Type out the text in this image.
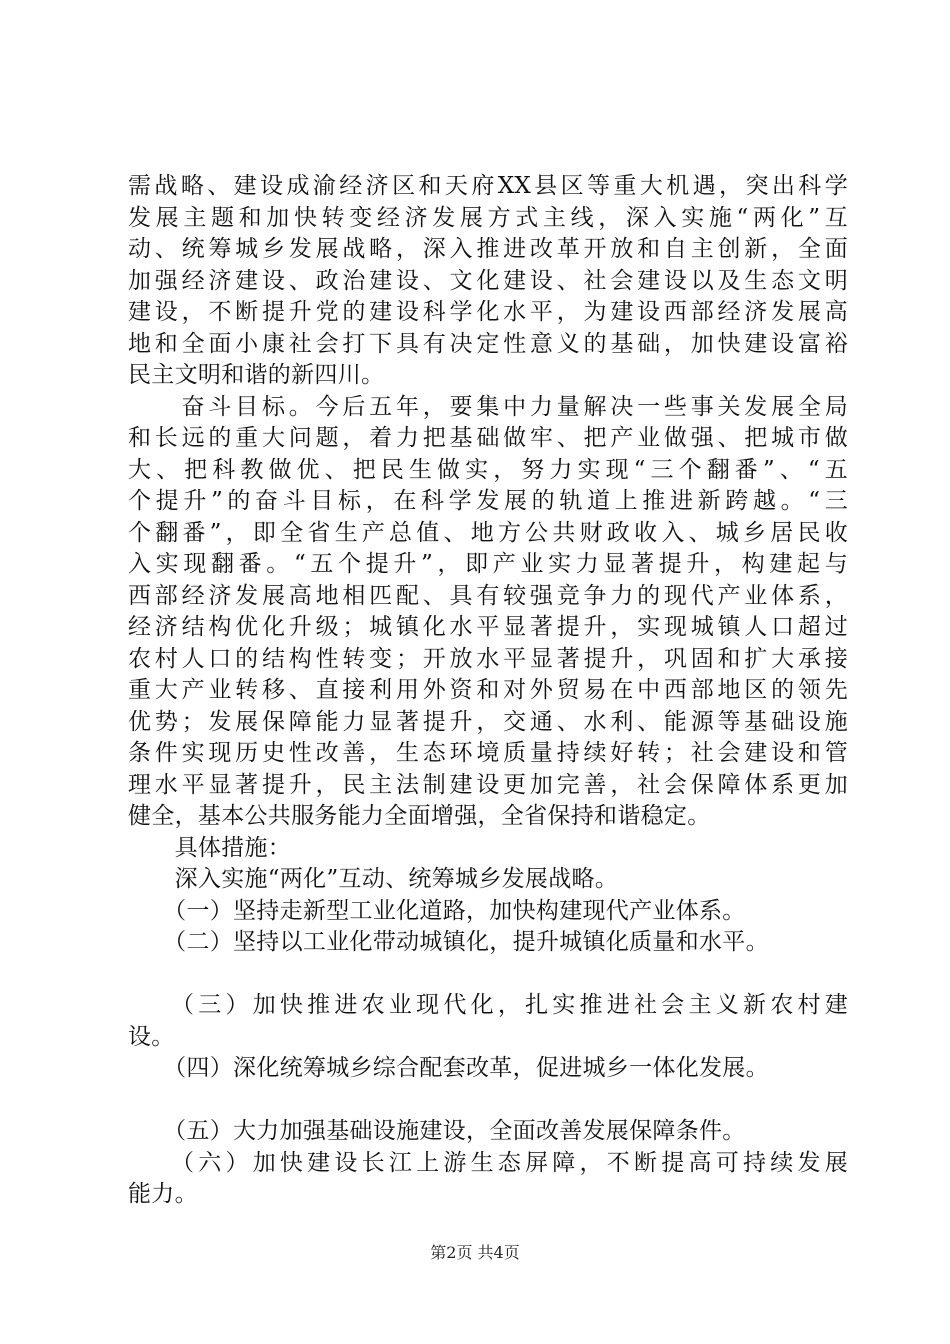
需战略、建设成渝经济区和天府XX县区等重大机遇，突出科学
发展主题和加快转变经济发展方式主线，深入实施“两化”互
动、统筹城乡发展战略，深入推进改革开放和自主创新，全面
加强经济建设、政治建设、文化建设、社会建设以及生态文明
建设，不断提升党的建设科学化水平，为建设西部经济发展高
地和全面小康社会打下具有决定性意义的基础，加快建设富裕
民主文明和谐的新四川。
　　奋斗目标。今后五年，要集中力量解决一些事关发展全局
和长远的重大问题，着力把基础做牢、把产业做强、把城市做
大、把科教做优、把民生做实，努力实现“三个翻番”、“五
个提升”的奋斗目标，在科学发展的轨道上推进新跨越。“三
个翻番”，即全省生产总值、地方公共财政收入、城乡居民收
入实现翻番。“五个提升”，即产业实力显著提升，构建起与
西部经济发展高地相匹配、具有较强竞争力的现代产业体系，
经济结构优化升级；城镇化水平显著提升，实现城镇人口超过
农村人口的结构性转变；开放水平显著提升，巩固和扩大承接
重大产业转移、直接利用外资和对外贸易在中西部地区的领先
优势；发展保障能力显著提升，交通、水利、能源等基础设施
条件实现历史性改善，生态环境质量持续好转；社会建设和管
理水平显著提升，民主法制建设更加完善，社会保障体系更加
健全，基本公共服务能力全面增强，全省保持和谐稳定。
　　具体措施：
　　深入实施“两化”互动、统筹城乡发展战略。
　　（一）坚持走新型工业化道路，加快构建现代产业体系。
　　（二）坚持以工业化带动城镇化，提升城镇化质量和水平。
　　（三）加快推进农业现代化，扎实推进社会主义新农村建
设。
　　（四）深化统筹城乡综合配套改革，促进城乡一体化发展。
　　（五）大力加强基础设施建设，全面改善发展保障条件。
　　（六）加快建设长江上游生态屏障，不断提高可持续发展
能力。
第2页 共4页
